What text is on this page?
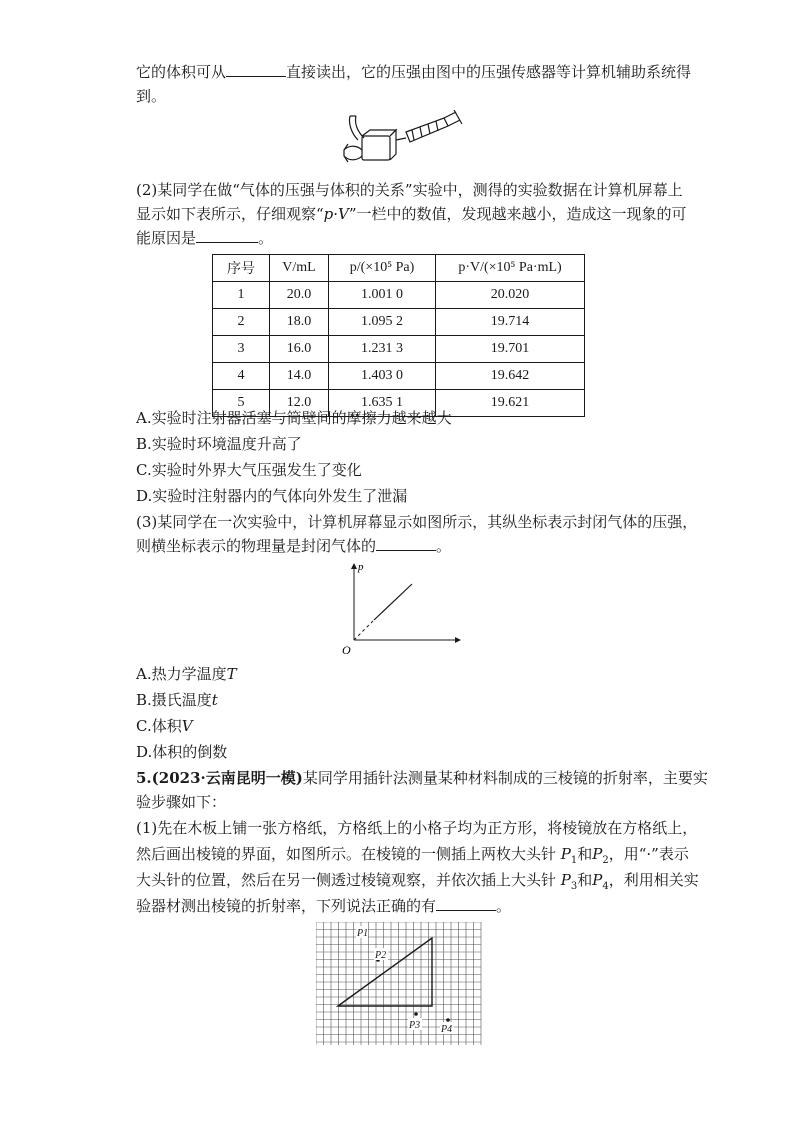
它的体积可从	直接读出，它的压强由图中的压强传感器等计算机辅助系统得
到。
(2)某同学在做“气体的压强与体积的关系”实验中，测得的实验数据在计算机屏幕上
显示如下表所示，仔细观察“p·V”一栏中的数值，发现越来越小，造成这一现象的可
能原因是	。
序号	V/mL	p/(×10⁵ Pa)	p·V/(×10⁵ Pa·mL)
1	20.0	1.001 0	20.020
2	18.0	1.095 2	19.714
3	16.0	1.231 3	19.701
4	14.0	1.403 0	19.642
5	12.0	1.635 1	19.621
A.实验时注射器活塞与筒壁间的摩擦力越来越大
B.实验时环境温度升高了
C.实验时外界大气压强发生了变化
D.实验时注射器内的气体向外发生了泄漏
(3)某同学在一次实验中，计算机屏幕显示如图所示，其纵坐标表示封闭气体的压强，
则横坐标表示的物理量是封闭气体的	。
p
O
A.热力学温度T
B.摄氏温度t
C.体积V
D.体积的倒数
5.(2023·云南昆明一模)某同学用插针法测量某种材料制成的三棱镜的折射率，主要实
验步骤如下：
(1)先在木板上铺一张方格纸，方格纸上的小格子均为正方形，将棱镜放在方格纸上，
然后画出棱镜的界面，如图所示。在棱镜的一侧插上两枚大头针 $P_1$和$P_2$，用“·”表示
大头针的位置，然后在另一侧透过棱镜观察，并依次插上大头针 $P_3$和$P_4$，利用相关实
验器材测出棱镜的折射率，下列说法正确的有	。
P1
P2
P3 P4
